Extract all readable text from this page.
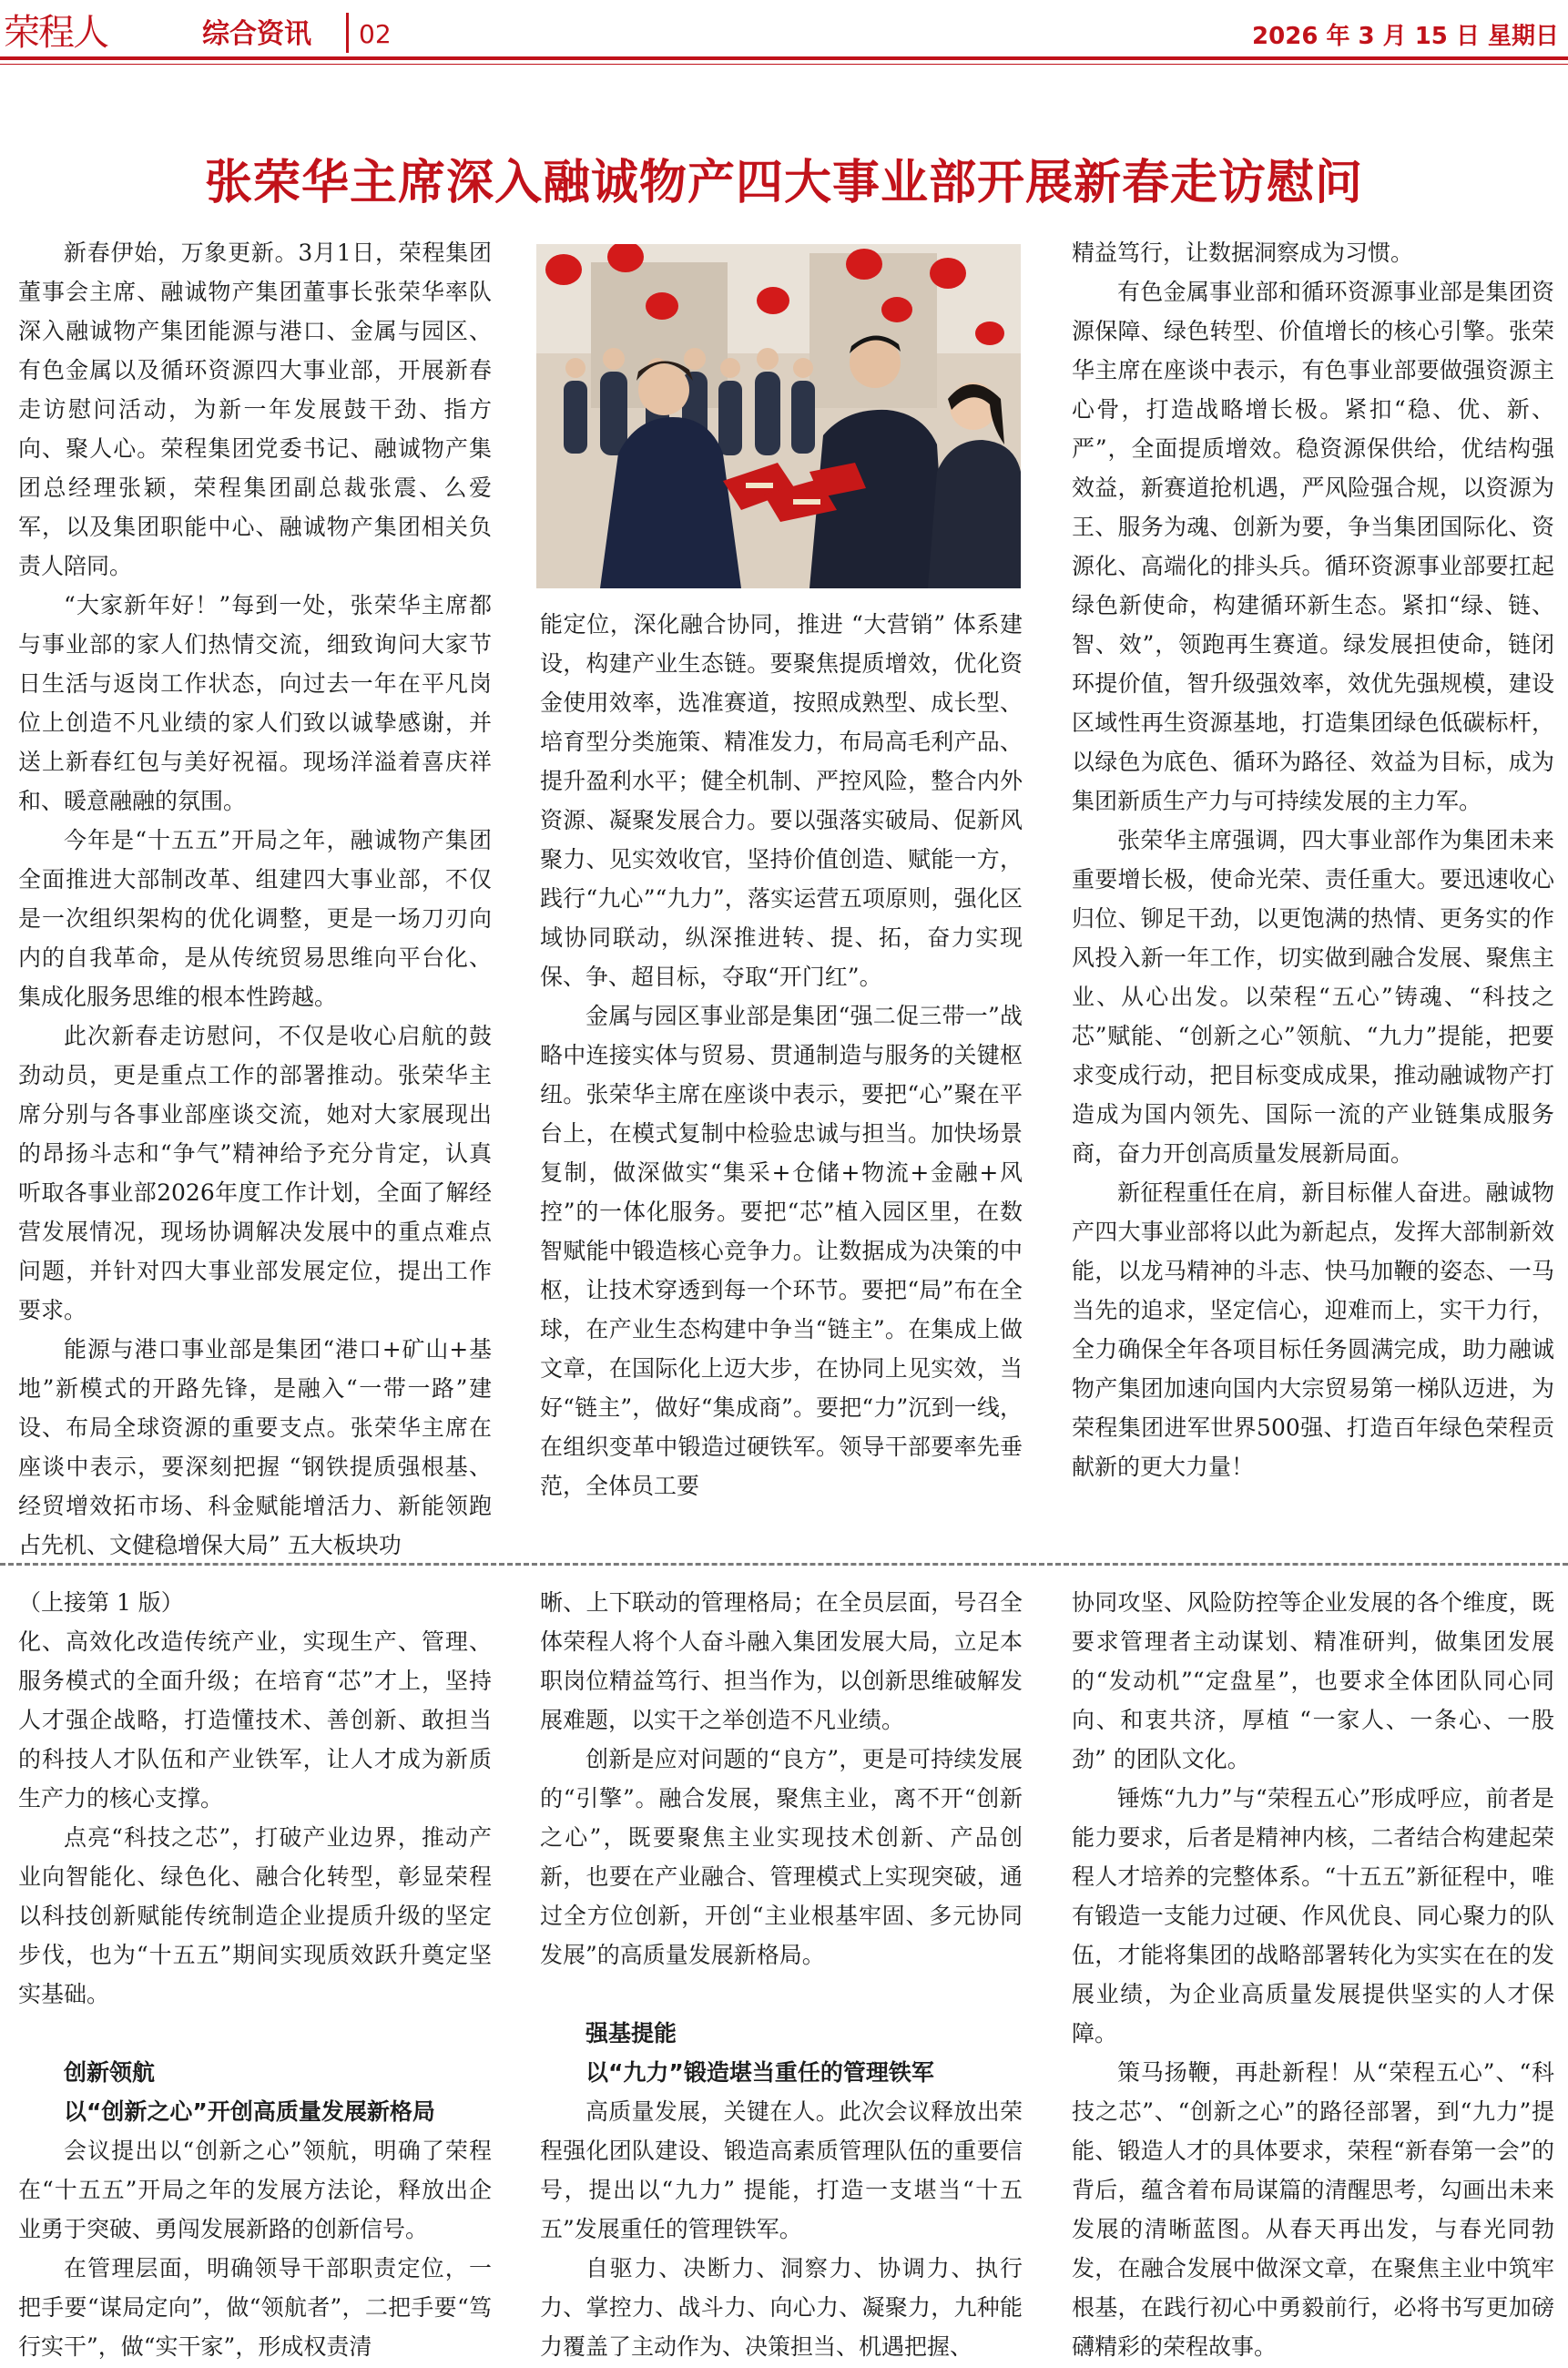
荣程人	综合资讯 02	2026 年 3 月 15 日 星期日
张荣华主席深入融诚物产四大事业部开展新春走访慰问

新春伊始，万象更新。3月1日，荣程集团董事会主席、融诚物产集团董事长张荣华率队深入融诚物产集团能源与港口、金属与园区、有色金属以及循环资源四大事业部，开展新春走访慰问活动，为新一年发展鼓干劲、指方向、聚人心。荣程集团党委书记、融诚物产集团总经理张颖，荣程集团副总裁张震、么爱军，以及集团职能中心、融诚物产集团相关负责人陪同。

“大家新年好！”每到一处，张荣华主席都与事业部的家人们热情交流，细致询问大家节日生活与返岗工作状态，向过去一年在平凡岗位上创造不凡业绩的家人们致以诚挚感谢，并送上新春红包与美好祝福。现场洋溢着喜庆祥和、暖意融融的氛围。

今年是“十五五”开局之年，融诚物产集团全面推进大部制改革、组建四大事业部，不仅是一次组织架构的优化调整，更是一场刀刃向内的自我革命，是从传统贸易思维向平台化、集成化服务思维的根本性跨越。

此次新春走访慰问，不仅是收心启航的鼓劲动员，更是重点工作的部署推动。张荣华主席分别与各事业部座谈交流，她对大家展现出的昂扬斗志和“争气”精神给予充分肯定，认真听取各事业部2026年度工作计划，全面了解经营发展情况，现场协调解决发展中的重点难点问题，并针对四大事业部发展定位，提出工作要求。

能源与港口事业部是集团“港口+矿山+基地”新模式的开路先锋，是融入“一带一路”建设、布局全球资源的重要支点。张荣华主席在座谈中表示，要深刻把握 “钢铁提质强根基、经贸增效拓市场、科金赋能增活力、新能领跑占先机、文健稳增保大局” 五大板块功

能定位，深化融合协同，推进 “大营销” 体系建设，构建产业生态链。要聚焦提质增效，优化资金使用效率，选准赛道，按照成熟型、成长型、培育型分类施策、精准发力，布局高毛利产品、提升盈利水平；健全机制、严控风险，整合内外资源、凝聚发展合力。要以强落实破局、促新风聚力、见实效收官，坚持价值创造、赋能一方，践行“九心”“九力”，落实运营五项原则，强化区域协同联动，纵深推进转、提、拓，奋力实现保、争、超目标，夺取“开门红”。

金属与园区事业部是集团“强二促三带一”战略中连接实体与贸易、贯通制造与服务的关键枢纽。张荣华主席在座谈中表示，要把“心”聚在平台上，在模式复制中检验忠诚与担当。加快场景复制，做深做实“集采+仓储+物流+金融+风控”的一体化服务。要把“芯”植入园区里，在数智赋能中锻造核心竞争力。让数据成为决策的中枢，让技术穿透到每一个环节。要把“局”布在全球，在产业生态构建中争当“链主”。在集成上做文章，在国际化上迈大步，在协同上见实效，当好“链主”，做好“集成商”。要把“力”沉到一线，在组织变革中锻造过硬铁军。领导干部要率先垂范，全体员工要

精益笃行，让数据洞察成为习惯。

有色金属事业部和循环资源事业部是集团资源保障、绿色转型、价值增长的核心引擎。张荣华主席在座谈中表示，有色事业部要做强资源主心骨，打造战略增长极。紧扣“稳、优、新、严”，全面提质增效。稳资源保供给，优结构强效益，新赛道抢机遇，严风险强合规，以资源为王、服务为魂、创新为要，争当集团国际化、资源化、高端化的排头兵。循环资源事业部要扛起绿色新使命，构建循环新生态。紧扣“绿、链、智、效”，领跑再生赛道。绿发展担使命，链闭环提价值，智升级强效率，效优先强规模，建设区域性再生资源基地，打造集团绿色低碳标杆，以绿色为底色、循环为路径、效益为目标，成为集团新质生产力与可持续发展的主力军。

张荣华主席强调，四大事业部作为集团未来重要增长极，使命光荣、责任重大。要迅速收心归位、铆足干劲，以更饱满的热情、更务实的作风投入新一年工作，切实做到融合发展、聚焦主业、从心出发。以荣程“五心”铸魂、“科技之芯”赋能、“创新之心”领航、“九力”提能，把要求变成行动，把目标变成成果，推动融诚物产打造成为国内领先、国际一流的产业链集成服务商，奋力开创高质量发展新局面。

新征程重任在肩，新目标催人奋进。融诚物产四大事业部将以此为新起点，发挥大部制新效能，以龙马精神的斗志、快马加鞭的姿态、一马当先的追求，坚定信心，迎难而上，实干力行，全力确保全年各项目标任务圆满完成，助力融诚物产集团加速向国内大宗贸易第一梯队迈进，为荣程集团进军世界500强、打造百年绿色荣程贡献新的更大力量！

（上接第 1 版）

化、高效化改造传统产业，实现生产、管理、服务模式的全面升级；在培育“芯”才上，坚持人才强企战略，打造懂技术、善创新、敢担当的科技人才队伍和产业铁军，让人才成为新质生产力的核心支撑。

点亮“科技之芯”，打破产业边界，推动产业向智能化、绿色化、融合化转型，彰显荣程以科技创新赋能传统制造企业提质升级的坚定步伐，也为“十五五”期间实现质效跃升奠定坚实基础。

创新领航

以“创新之心”开创高质量发展新格局

会议提出以“创新之心”领航，明确了荣程在“十五五”开局之年的发展方法论，释放出企业勇于突破、勇闯发展新路的创新信号。

在管理层面，明确领导干部职责定位，一把手要“谋局定向”，做“领航者”，二把手要“笃行实干”，做“实干家”，形成权责清

晰、上下联动的管理格局；在全员层面，号召全体荣程人将个人奋斗融入集团发展大局，立足本职岗位精益笃行、担当作为，以创新思维破解发展难题，以实干之举创造不凡业绩。

创新是应对问题的“良方”，更是可持续发展的“引擎”。融合发展，聚焦主业，离不开“创新之心”，既要聚焦主业实现技术创新、产品创新，也要在产业融合、管理模式上实现突破，通过全方位创新，开创“主业根基牢固、多元协同发展”的高质量发展新格局。

强基提能

以“九力”锻造堪当重任的管理铁军

高质量发展，关键在人。此次会议释放出荣程强化团队建设、锻造高素质管理队伍的重要信号，提出以“九力” 提能，打造一支堪当“十五五”发展重任的管理铁军。

自驱力、决断力、洞察力、协调力、执行力、掌控力、战斗力、向心力、凝聚力，九种能力覆盖了主动作为、决策担当、机遇把握、

协同攻坚、风险防控等企业发展的各个维度，既要求管理者主动谋划、精准研判，做集团发展的“发动机”“定盘星”，也要求全体团队同心同向、和衷共济，厚植 “一家人、一条心、一股劲” 的团队文化。

锤炼“九力”与“荣程五心”形成呼应，前者是能力要求，后者是精神内核，二者结合构建起荣程人才培养的完整体系。“十五五”新征程中，唯有锻造一支能力过硬、作风优良、同心聚力的队伍，才能将集团的战略部署转化为实实在在的发展业绩，为企业高质量发展提供坚实的人才保障。

策马扬鞭，再赴新程！从“荣程五心”、“科技之芯”、“创新之心”的路径部署，到“九力”提能、锻造人才的具体要求，荣程“新春第一会”的背后，蕴含着布局谋篇的清醒思考，勾画出未来发展的清晰蓝图。从春天再出发，与春光同勃发，在融合发展中做深文章，在聚焦主业中筑牢根基，在践行初心中勇毅前行，必将书写更加磅礴精彩的荣程故事。
